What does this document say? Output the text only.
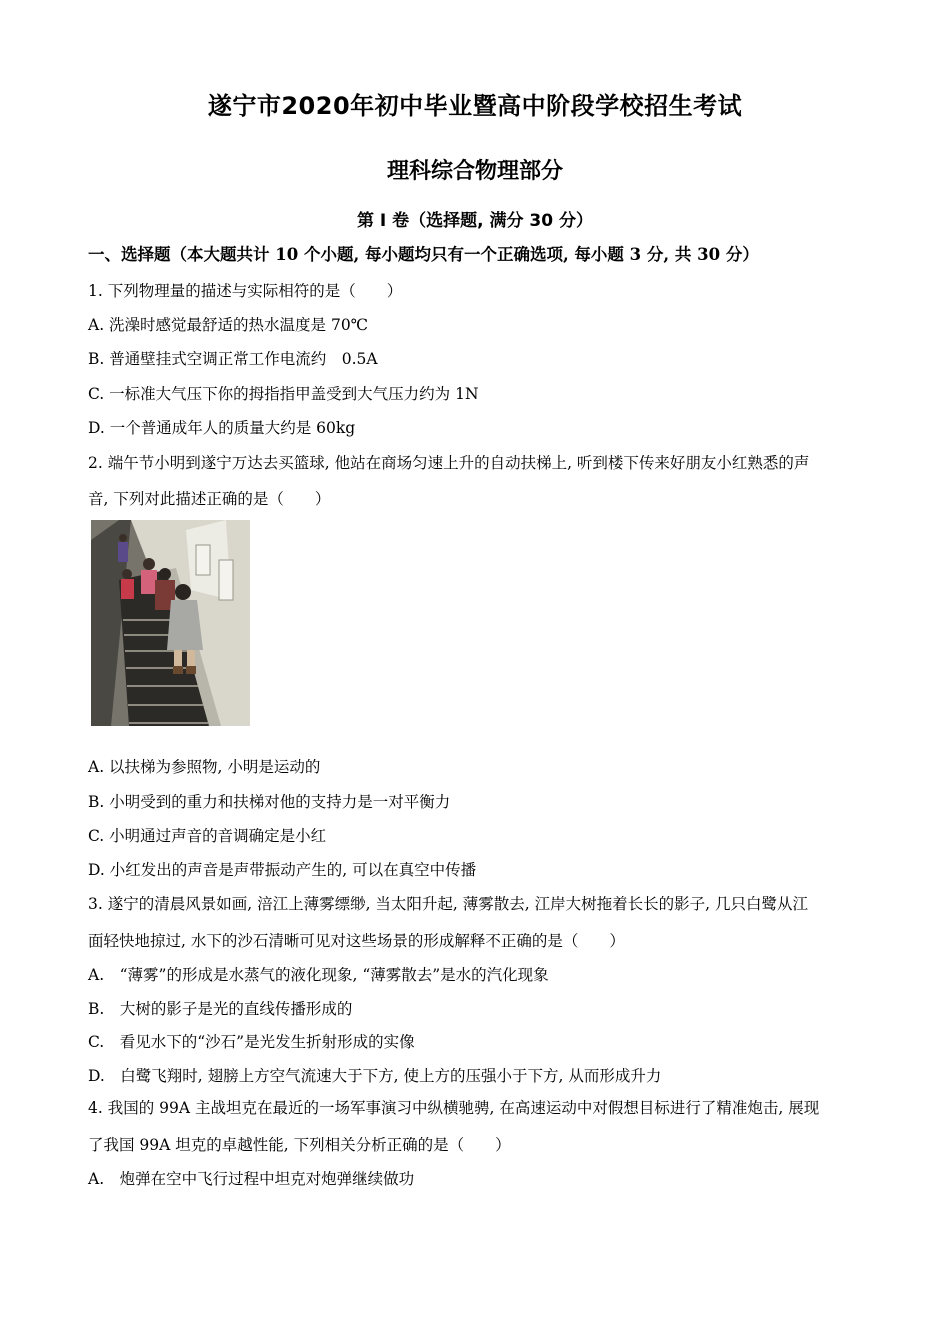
遂宁市2020年初中毕业暨高中阶段学校招生考试
理科综合物理部分
第 I 卷（选择题, 满分 30 分）
一、选择题（本大题共计 10 个小题, 每小题均只有一个正确选项, 每小题 3 分, 共 30 分）
1. 下列物理量的描述与实际相符的是（　　）
A. 洗澡时感觉最舒适的热水温度是 70℃
B. 普通壁挂式空调正常工作电流约　0.5A
C. 一标准大气压下你的拇指指甲盖受到大气压力约为 1N
D. 一个普通成年人的质量大约是 60kg
2. 端午节小明到遂宁万达去买篮球, 他站在商场匀速上升的自动扶梯上, 听到楼下传来好朋友小红熟悉的声
音, 下列对此描述正确的是（　　）
A. 以扶梯为参照物, 小明是运动的
B. 小明受到的重力和扶梯对他的支持力是一对平衡力
C. 小明通过声音的音调确定是小红
D. 小红发出的声音是声带振动产生的, 可以在真空中传播
3. 遂宁的清晨风景如画, 涪江上薄雾缥缈, 当太阳升起, 薄雾散去, 江岸大树拖着长长的影子, 几只白鹭从江
面轻快地掠过, 水下的沙石清晰可见对这些场景的形成解释不正确的是（　　）
A.　“薄雾”的形成是水蒸气的液化现象, “薄雾散去”是水的汽化现象
B.　大树的影子是光的直线传播形成的
C.　看见水下的“沙石”是光发生折射形成的实像
D.　白鹭飞翔时, 翅膀上方空气流速大于下方, 使上方的压强小于下方, 从而形成升力
4. 我国的 99A 主战坦克在最近的一场军事演习中纵横驰骋, 在高速运动中对假想目标进行了精准炮击, 展现
了我国 99A 坦克的卓越性能, 下列相关分析正确的是（　　）
A.　炮弹在空中飞行过程中坦克对炮弹继续做功
